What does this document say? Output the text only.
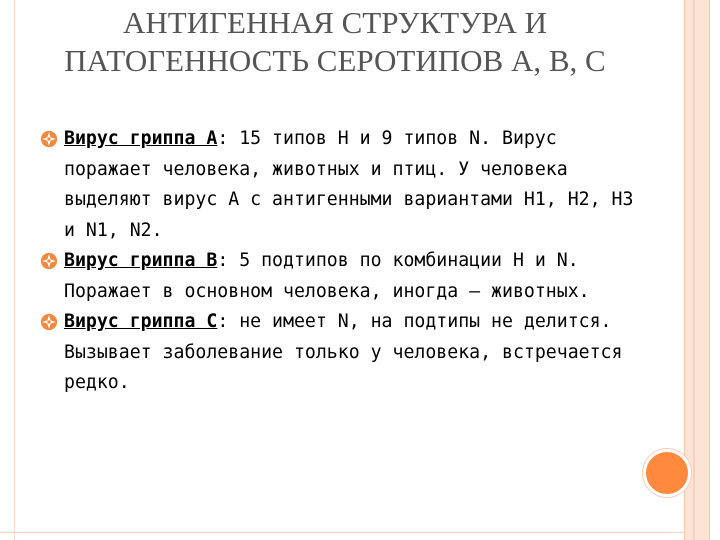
АНТИГЕННАЯ СТРУКТУРА И ПАТОГЕННОСТЬ СЕРОТИПОВ А, В, С
Вирус гриппа А: 15 типов H и 9 типов N. Вирус поражает человека, животных и птиц. У человека выделяют вирус А с антигенными вариантами H1, H2, H3 и N1, N2.
Вирус гриппа В: 5 подтипов по комбинации H и N. Поражает в основном человека, иногда – животных.
Вирус гриппа С: не имеет N, на подтипы не делится. Вызывает заболевание только у человека, встречается редко.
